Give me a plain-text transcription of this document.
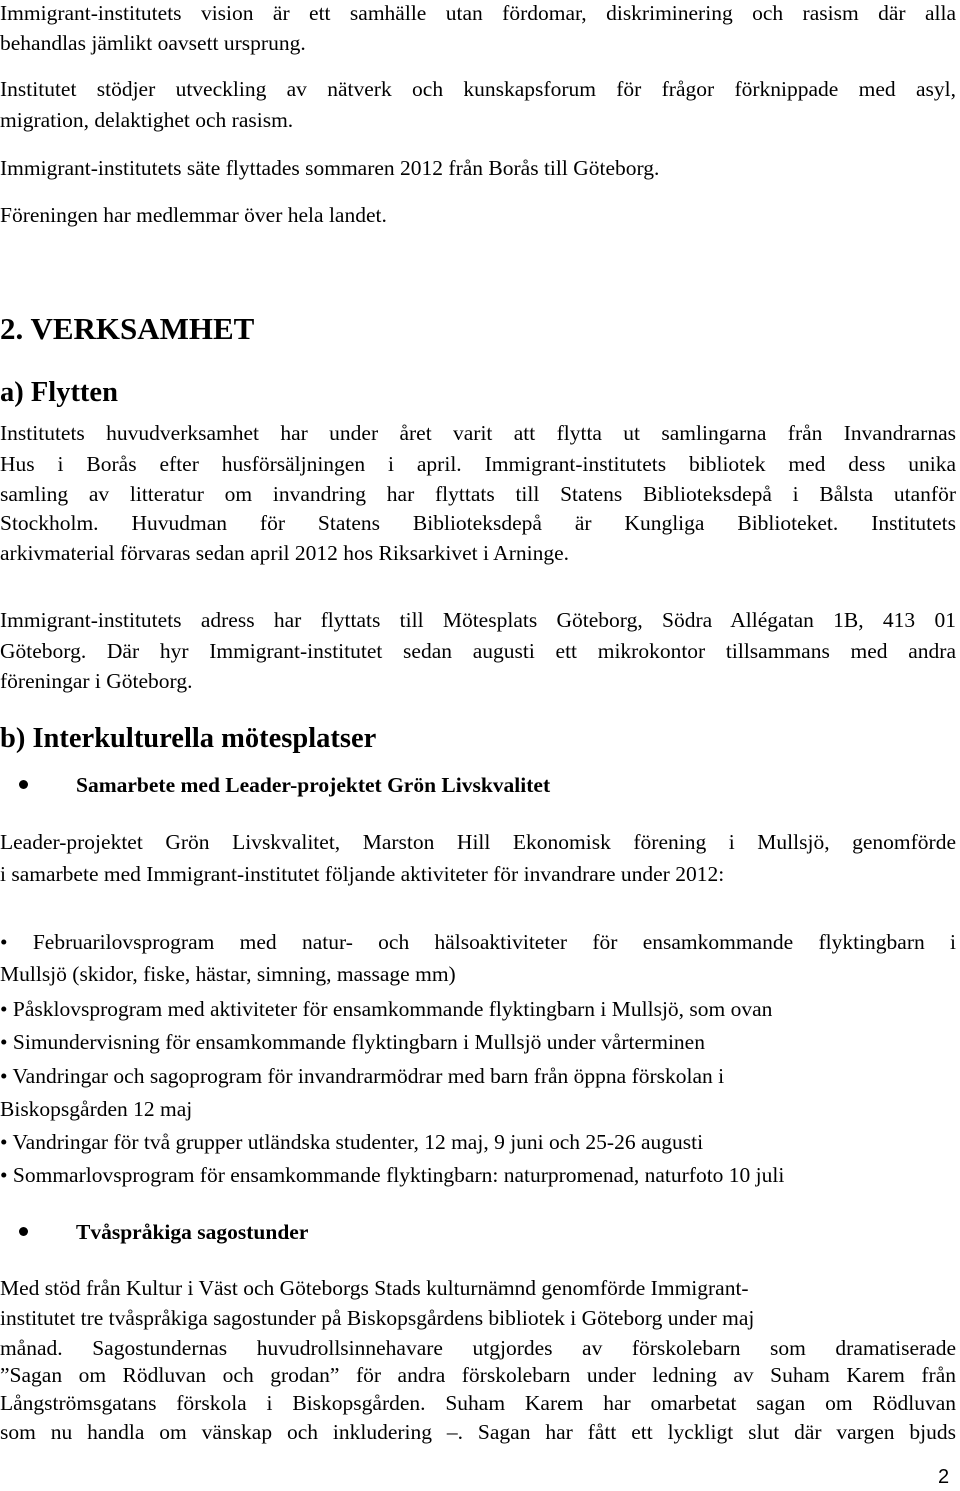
Immigrant-institutets vision är ett samhälle utan fördomar, diskriminering och rasism där alla
behandlas jämlikt oavsett ursprung.
Institutet stödjer utveckling av nätverk och kunskapsforum för frågor förknippade med asyl,
migration, delaktighet och rasism.
Immigrant-institutets säte flyttades sommaren 2012 från Borås till Göteborg.
Föreningen har medlemmar över hela landet.
2. VERKSAMHET
a) Flytten
Institutets huvudverksamhet har under året varit att flytta ut samlingarna från Invandrarnas
Hus i Borås efter husförsäljningen i april. Immigrant-institutets bibliotek med dess unika
samling av litteratur om invandring har flyttats till Statens Biblioteksdepå i Bålsta utanför
Stockholm. Huvudman för Statens Biblioteksdepå är Kungliga Biblioteket. Institutets
arkivmaterial förvaras sedan april 2012 hos Riksarkivet i Arninge.
Immigrant-institutets adress har flyttats till Mötesplats Göteborg, Södra Allégatan 1B, 413 01
Göteborg. Där hyr Immigrant-institutet sedan augusti ett mikrokontor tillsammans med andra
föreningar i Göteborg.
b) Interkulturella mötesplatser
Samarbete med Leader-projektet Grön Livskvalitet
Leader-projektet Grön Livskvalitet, Marston Hill Ekonomisk förening i Mullsjö, genomförde
i samarbete med Immigrant-institutet följande aktiviteter för invandrare under 2012:
• Februarilovsprogram med natur- och hälsoaktiviteter för ensamkommande flyktingbarn i
Mullsjö (skidor, fiske, hästar, simning, massage mm)
• Påsklovsprogram med aktiviteter för ensamkommande flyktingbarn i Mullsjö, som ovan
• Simundervisning för ensamkommande flyktingbarn i Mullsjö under vårterminen
• Vandringar och sagoprogram för invandrarmödrar med barn från öppna förskolan i
Biskopsgården 12 maj
• Vandringar för två grupper utländska studenter, 12 maj, 9 juni och 25-26 augusti
• Sommarlovsprogram för ensamkommande flyktingbarn: naturpromenad, naturfoto 10 juli
Tvåspråkiga sagostunder
Med stöd från Kultur i Väst och Göteborgs Stads kulturnämnd genomförde Immigrant-
institutet tre tvåspråkiga sagostunder på Biskopsgårdens bibliotek i Göteborg under maj
månad. Sagostundernas huvudrollsinnehavare utgjordes av förskolebarn som dramatiserade
”Sagan om Rödluvan och grodan” för andra förskolebarn under ledning av Suham Karem från
Långströmsgatans förskola i Biskopsgården. Suham Karem har omarbetat sagan om Rödluvan
som nu handla om vänskap och inkludering –. Sagan har fått ett lyckligt slut där vargen bjuds
2
